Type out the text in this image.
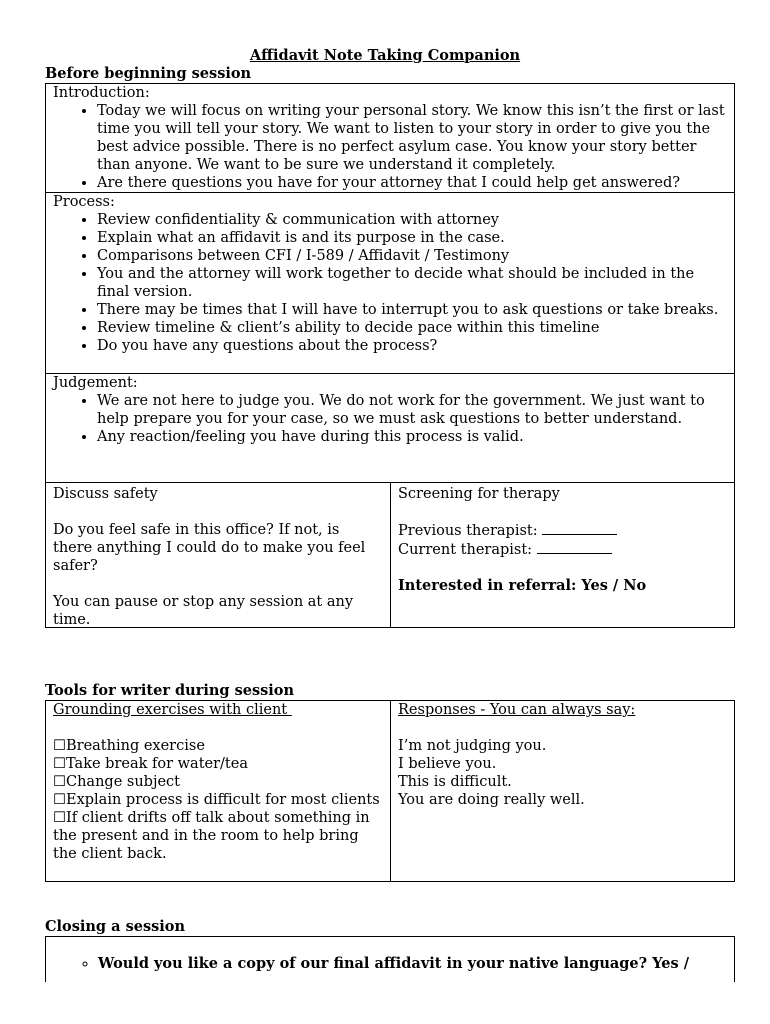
Affidavit Note Taking Companion
Before beginning session
Introduction:
• Today we will focus on writing your personal story. We know this isn’t the first or last time you will tell your story. We want to listen to your story in order to give you the best advice possible. There is no perfect asylum case. You know your story better than anyone. We want to be sure we understand it completely.
• Are there questions you have for your attorney that I could help get answered?
Process:
• Review confidentiality & communication with attorney
• Explain what an affidavit is and its purpose in the case.
• Comparisons between CFI / I-589 / Affidavit / Testimony
• You and the attorney will work together to decide what should be included in the final version.
• There may be times that I will have to interrupt you to ask questions or take breaks.
• Review timeline & client’s ability to decide pace within this timeline
• Do you have any questions about the process?
Judgement:
• We are not here to judge you. We do not work for the government. We just want to help prepare you for your case, so we must ask questions to better understand.
• Any reaction/feeling you have during this process is valid.
Discuss safety
Do you feel safe in this office? If not, is there anything I could do to make you feel safer?
You can pause or stop any session at any time.
Screening for therapy
Previous therapist:
Current therapist:
Interested in referral: Yes / No
Tools for writer during session
Grounding exercises with client
☐Breathing exercise
☐Take break for water/tea
☐Change subject
☐Explain process is difficult for most clients
☐If client drifts off talk about something in the present and in the room to help bring the client back.
Responses - You can always say:
I’m not judging you.
I believe you.
This is difficult.
You are doing really well.
Closing a session
◦ Would you like a copy of our final affidavit in your native language? Yes /
